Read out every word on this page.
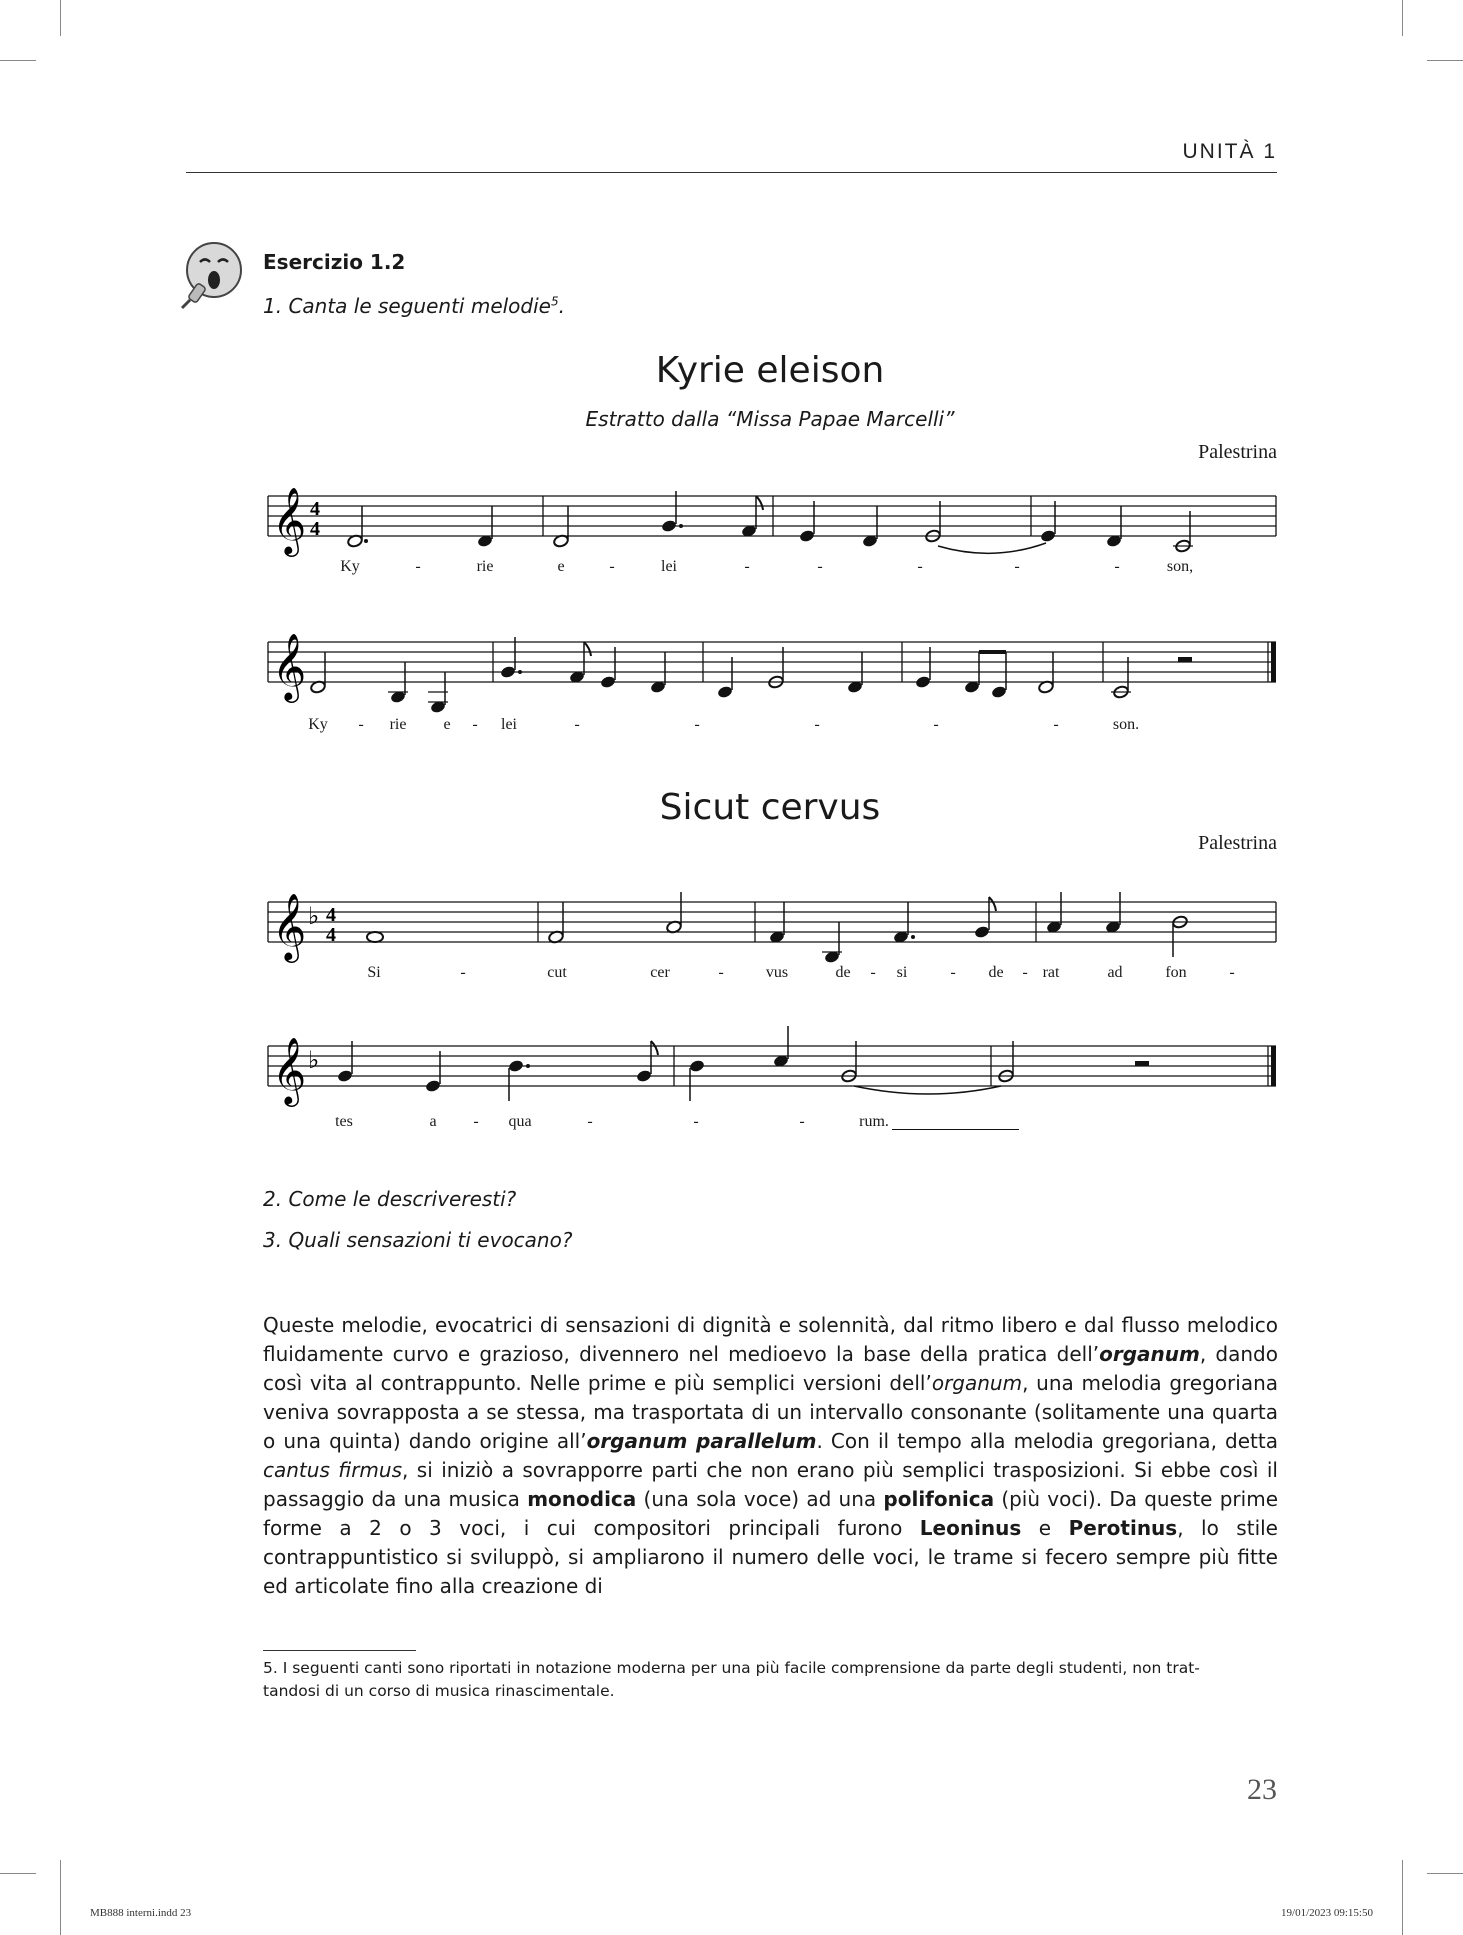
UNITÀ 1
Esercizio 1.2
1. Canta le seguenti melodie$^5$.
Kyrie eleison
Estratto dalla “Missa Papae Marcelli”
Palestrina
𝄞 4
4
Ky	-	rie	e	-	lei	-	-	-	-	-	son,
𝄞
Ky - rie e - lei	-	-	-	-	-	son.
Sicut cervus
Palestrina
𝄞 ♭ 4
4
Si	-	cut	cer	-	vus	de - si	- de - rat	ad	fon	-
𝄞 ♭
tes	a - qua	-	-	-	rum.
2. Come le descriveresti?
3. Quali sensazioni ti evocano?
Queste melodie, evocatrici di sensazioni di dignità e solennità, dal ritmo libero e dal flusso melodico fluidamente curvo e grazioso, divennero nel medioevo la base della pratica dell’organum, dando così vita al contrappunto. Nelle prime e più semplici versioni dell’organum, una melodia gregoriana veniva sovrapposta a se stessa, ma trasportata di un intervallo consonante (solitamente una quarta o una quinta) dando origine all’organum parallelum. Con il tempo alla melodia gregoriana, detta cantus firmus, si iniziò a sovrapporre parti che non erano più semplici trasposizioni. Si ebbe così il passaggio da una musica monodica (una sola voce) ad una polifonica (più voci). Da queste prime forme a 2 o 3 voci, i cui compositori principali furono Leoninus e Perotinus, lo stile contrappuntistico si sviluppò, si ampliarono il numero delle voci, le trame si fecero sempre più fitte ed articolate fino alla creazione di
5. I seguenti canti sono riportati in notazione moderna per una più facile comprensione da parte degli studenti, non trat-     tandosi di un corso di musica rinascimentale.
23
MB888 interni.indd 23	19/01/2023 09:15:50
